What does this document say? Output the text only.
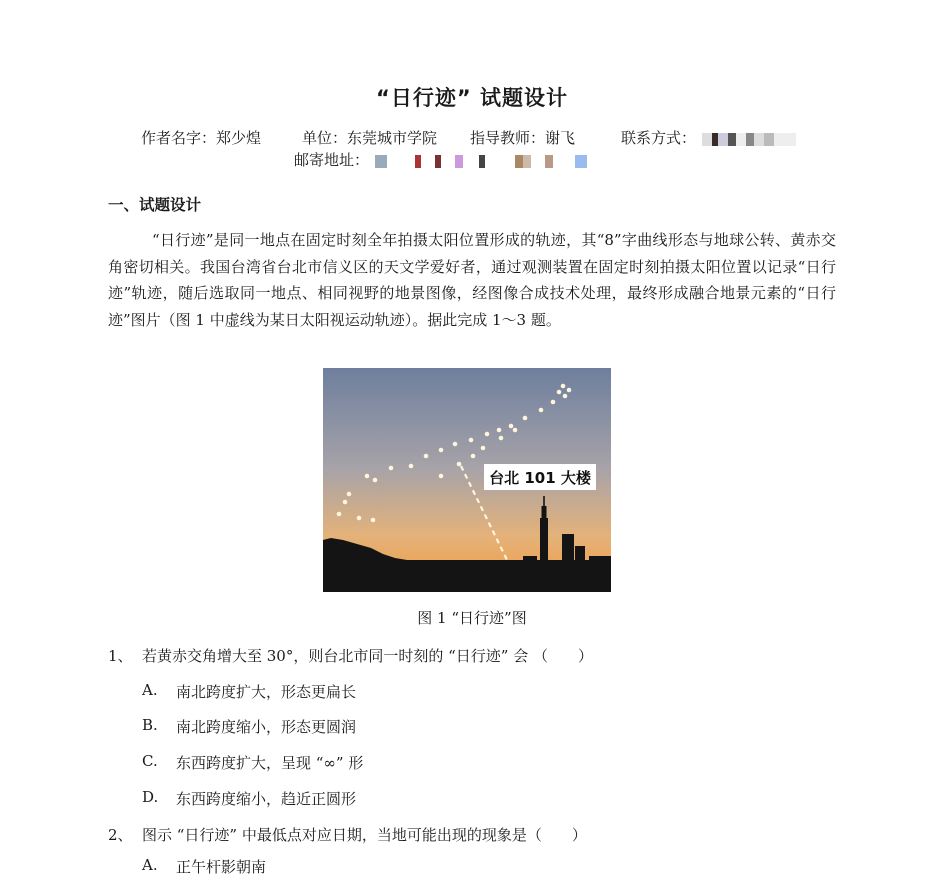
“日行迹” 试题设计
作者名字：郑少煌	单位：东莞城市学院 指导教师：谢飞	联系方式：
邮寄地址：
一、试题设计
“日行迹”是同一地点在固定时刻全年拍摄太阳位置形成的轨迹，其“8”字曲线形态与地球公转、黄赤交角密切相关。我国台湾省台北市信义区的天文学爱好者，通过观测装置在固定时刻拍摄太阳位置以记录“日行迹”轨迹，随后选取同一地点、相同视野的地景图像，经图像合成技术处理，最终形成融合地景元素的“日行迹”图片（图 1 中虚线为某日太阳视运动轨迹）。据此完成 1～3 题。
台北 101 大楼
图 1 “日行迹”图
1、 若黄赤交角增大至 30°，则台北市同一时刻的 “日行迹” 会 （　　）
A. 南北跨度扩大，形态更扁长
B. 南北跨度缩小，形态更圆润
C. 东西跨度扩大，呈现 “∞” 形
D. 东西跨度缩小，趋近正圆形
2、 图示 “日行迹” 中最低点对应日期，当地可能出现的现象是（　　）
A. 正午杆影朝南
